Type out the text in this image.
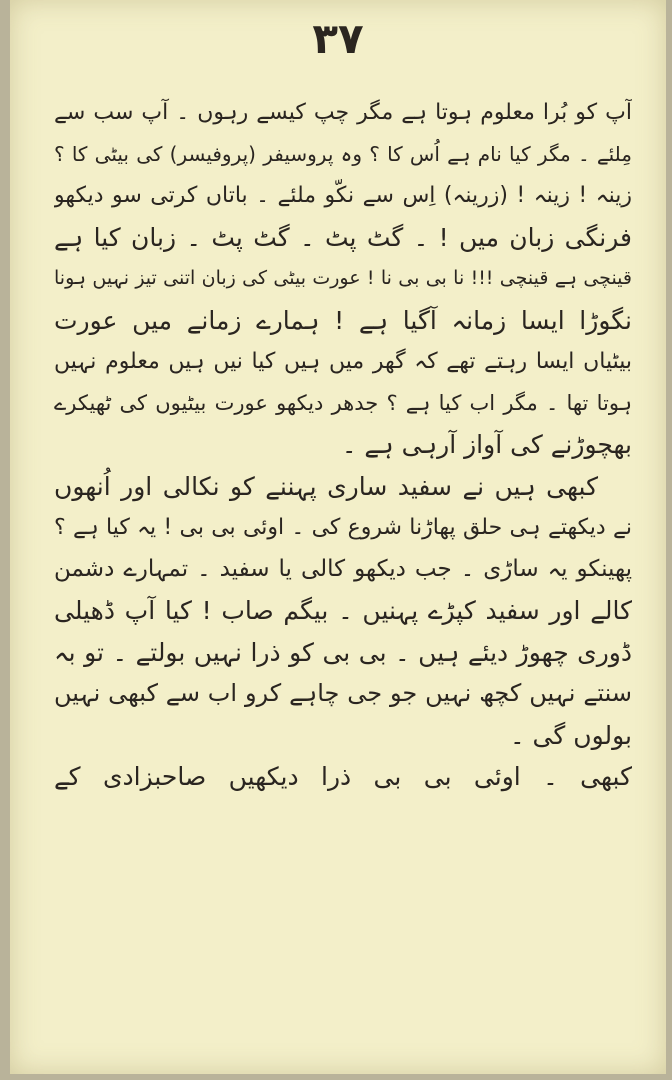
۳۷
آپ کو بُرا معلوم ہوتا ہے مگر چپ کیسے رہوں ۔ آپ سب سے
مِلئے ۔ مگر کیا نام ہے اُس کا ؟ وہ پروسیفر (پروفیسر) کی بیٹی کا ؟
زینہ ! زینہ ! (زرینہ) اِس سے نکّو ملئے ۔ باتاں کرتی سو دیکھو
فرنگی زبان میں ! ۔ گٹ پٹ ۔ گٹ پٹ ۔ زبان کیا ہے
قینچی ہے قینچی !!! نا بی بی نا ! عورت بیٹی کی زبان اتنی تیز نہیں ہونا
نگوڑا ایسا زمانہ آگیا ہے ! ہمارے زمانے میں عورت
بیٹیاں ایسا رہتے تھے کہ گھر میں ہیں کیا نیں ہیں معلوم نہیں
ہوتا تھا ۔ مگر اب کیا ہے ؟ جدھر دیکھو عورت بیٹیوں کی ٹھیکرے
بھچوڑنے کی آواز آرہی ہے ۔
کبھی ہیں نے سفید ساری پہننے کو نکالی اور اُنھوں
نے دیکھتے ہی حلق پھاڑنا شروع کی ۔ اوئی بی بی ! یہ کیا ہے ؟
پھینکو یہ ساڑی ۔ جب دیکھو کالی یا سفید ۔ تمہارے دشمن
کالے اور سفید کپڑے پہنیں ۔ بیگم صاب ! کیا آپ ڈھیلی
ڈوری چھوڑ دیئے ہیں ۔ بی بی کو ذرا نہیں بولتے ۔ تو بہ
سنتے نہیں کچھ نہیں جو جی چاہے کرو اب سے کبھی نہیں
بولوں گی ۔
کبھی ۔ اوئی بی بی ذرا دیکھیں صاحبزادی کے
